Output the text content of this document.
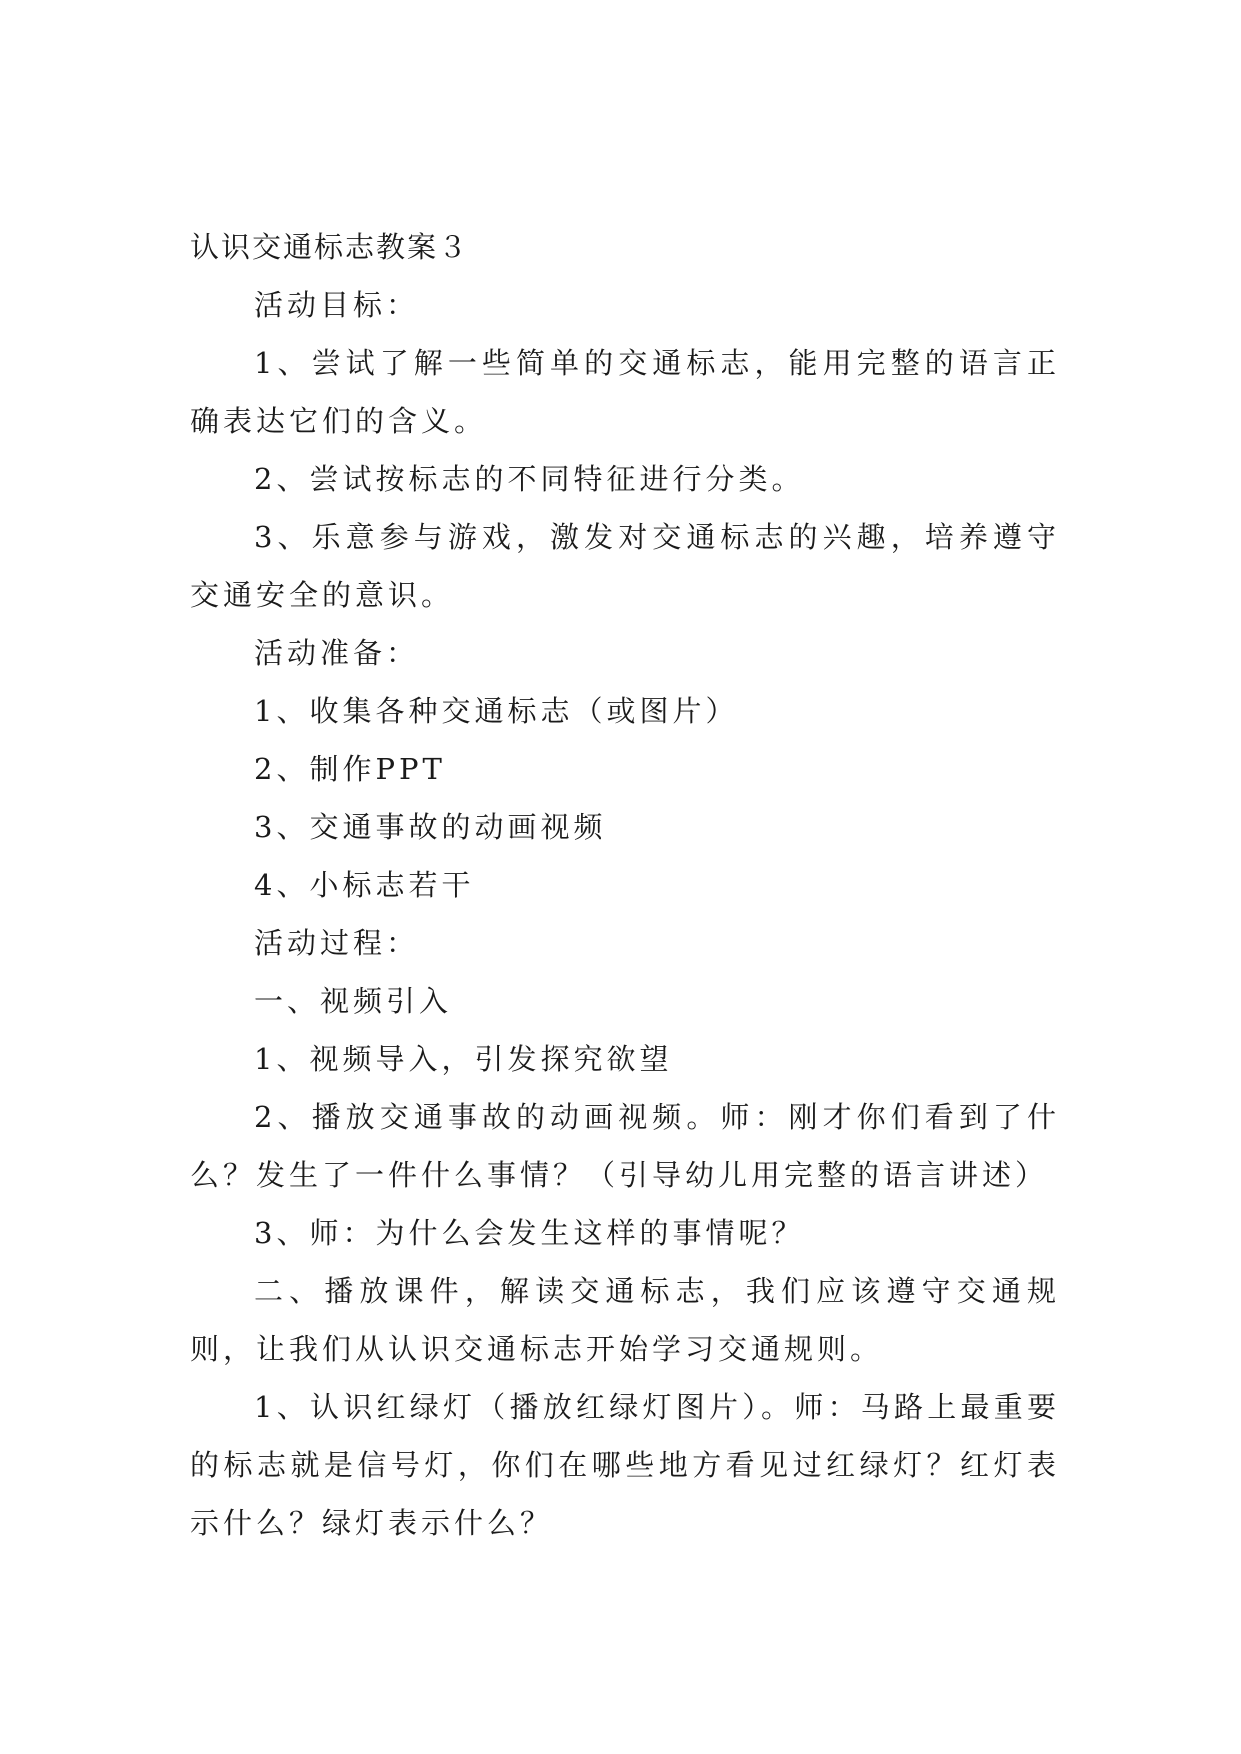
认识交通标志教案３

活动目标：

1、尝试了解一些简单的交通标志，能用完整的语言正确表达它们的含义。

2、尝试按标志的不同特征进行分类。

3、乐意参与游戏，激发对交通标志的兴趣，培养遵守交通安全的意识。

活动准备：

1、收集各种交通标志（或图片）

2、制作PPT

3、交通事故的动画视频

4、小标志若干

活动过程：

一、视频引入

1、视频导入，引发探究欲望

2、播放交通事故的动画视频。师：刚才你们看到了什么？发生了一件什么事情？（引导幼儿用完整的语言讲述）

3、师：为什么会发生这样的事情呢？

二、播放课件，解读交通标志，我们应该遵守交通规则，让我们从认识交通标志开始学习交通规则。

1、认识红绿灯（播放红绿灯图片）。师：马路上最重要的标志就是信号灯，你们在哪些地方看见过红绿灯？红灯表示什么？绿灯表示什么？
